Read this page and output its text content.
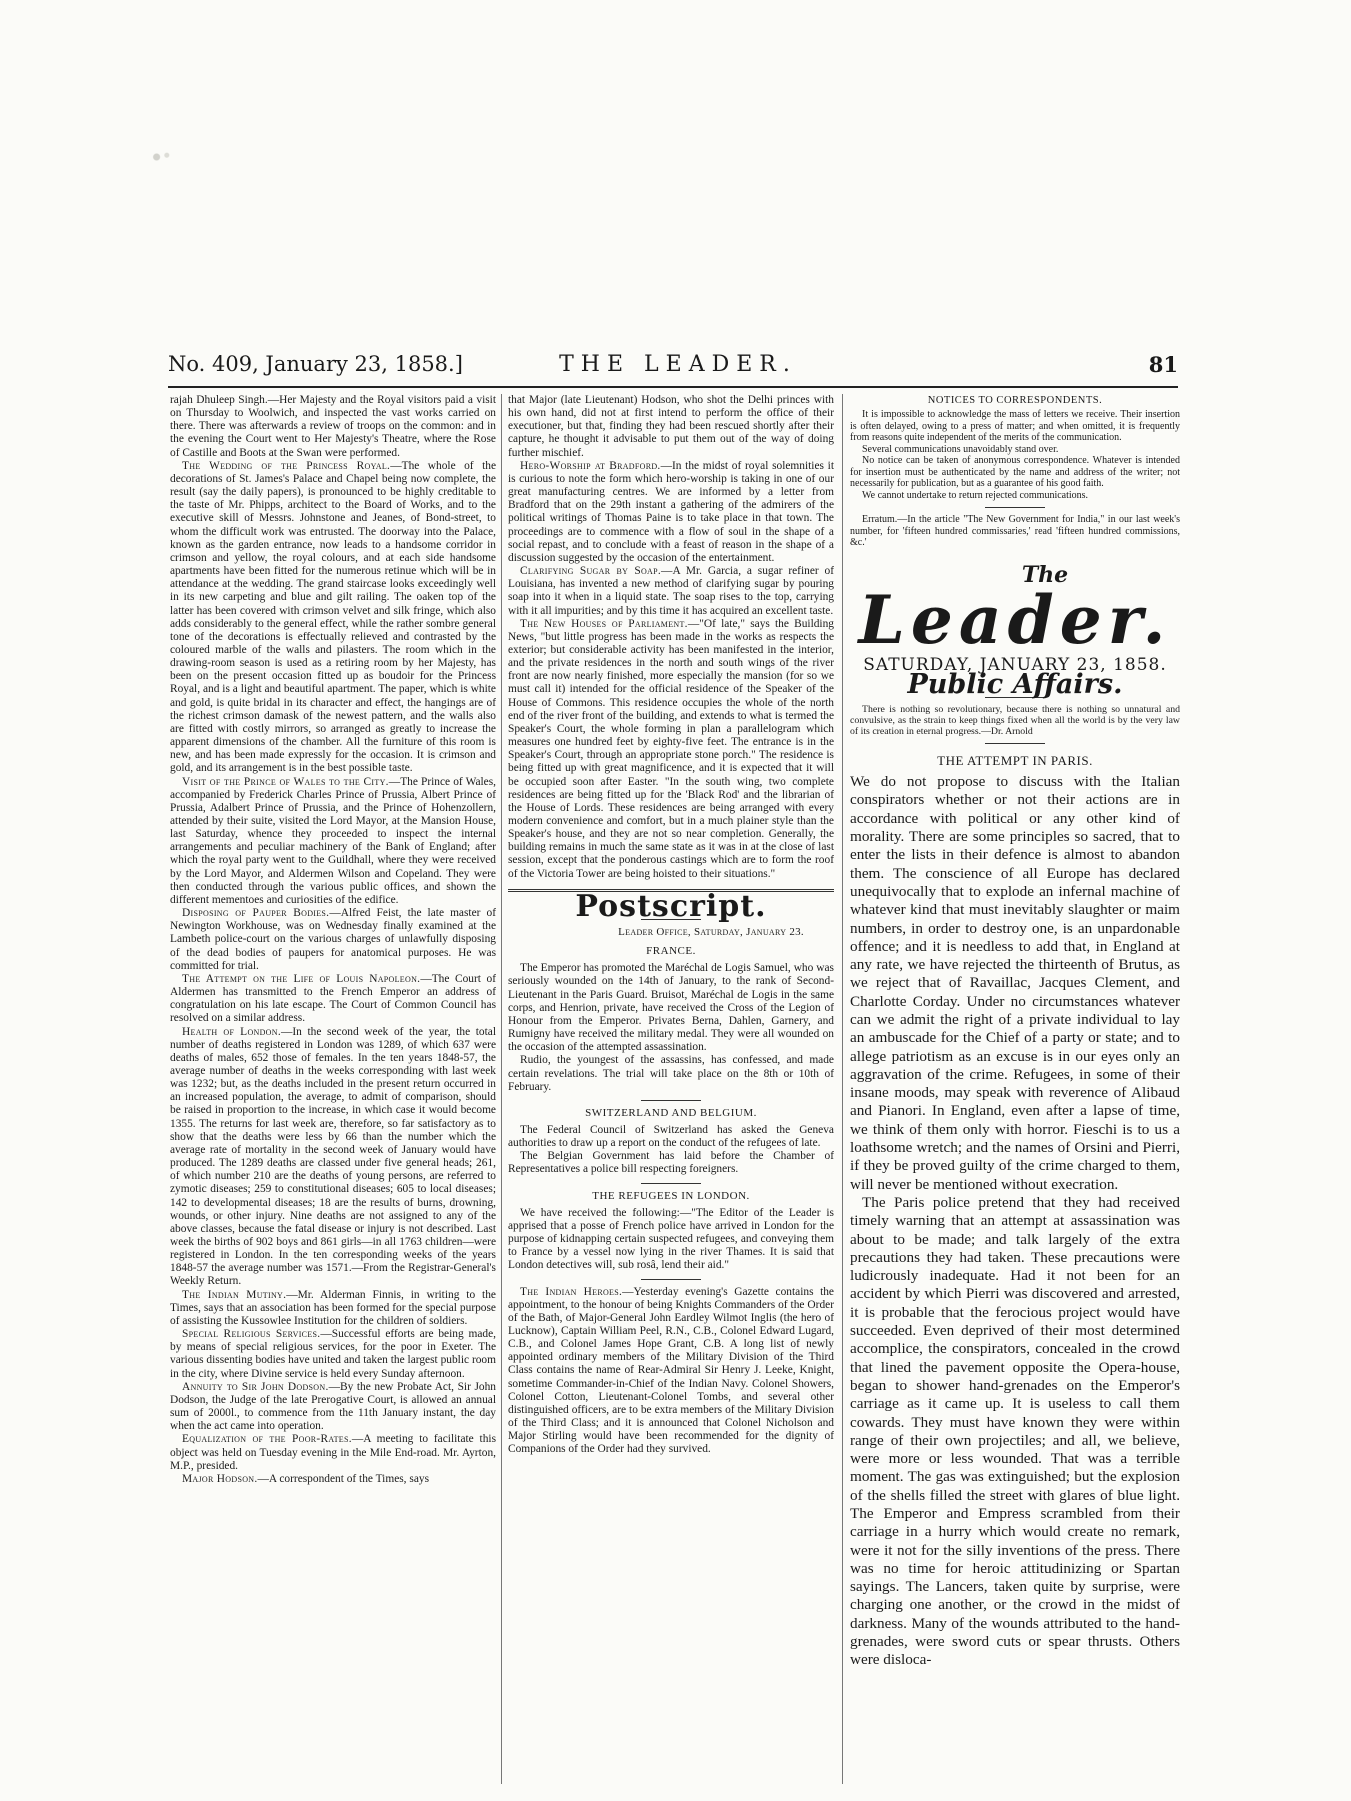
No. 409, January 23, 1858.]	THE LEADER.	81

rajah Dhuleep Singh.—Her Majesty and the Royal visitors paid a visit on Thursday to Woolwich, and inspected the vast works carried on there. There was afterwards a review of troops on the common: and in the evening the Court went to Her Majesty's Theatre, where the Rose of Castille and Boots at the Swan were performed.

The Wedding of the Princess Royal.—The whole of the decorations of St. James's Palace and Chapel being now complete, the result (say the daily papers), is pronounced to be highly creditable to the taste of Mr. Phipps, architect to the Board of Works, and to the executive skill of Messrs. Johnstone and Jeanes, of Bond-street, to whom the difficult work was entrusted. The doorway into the Palace, known as the garden entrance, now leads to a handsome corridor in crimson and yellow, the royal colours, and at each side handsome apartments have been fitted for the numerous retinue which will be in attendance at the wedding. The grand staircase looks exceedingly well in its new carpeting and blue and gilt railing. The oaken top of the latter has been covered with crimson velvet and silk fringe, which also adds considerably to the general effect, while the rather sombre general tone of the decorations is effectually relieved and contrasted by the coloured marble of the walls and pilasters. The room which in the drawing-room season is used as a retiring room by her Majesty, has been on the present occasion fitted up as boudoir for the Princess Royal, and is a light and beautiful apartment. The paper, which is white and gold, is quite bridal in its character and effect, the hangings are of the richest crimson damask of the newest pattern, and the walls also are fitted with costly mirrors, so arranged as greatly to increase the apparent dimensions of the chamber. All the furniture of this room is new, and has been made expressly for the occasion. It is crimson and gold, and its arrangement is in the best possible taste.

Visit of the Prince of Wales to the City.—The Prince of Wales, accompanied by Frederick Charles Prince of Prussia, Albert Prince of Prussia, Adalbert Prince of Prussia, and the Prince of Hohenzollern, attended by their suite, visited the Lord Mayor, at the Mansion House, last Saturday, whence they proceeded to inspect the internal arrangements and peculiar machinery of the Bank of England; after which the royal party went to the Guildhall, where they were received by the Lord Mayor, and Aldermen Wilson and Copeland. They were then conducted through the various public offices, and shown the different mementoes and curiosities of the edifice.

Disposing of Pauper Bodies.—Alfred Feist, the late master of Newington Workhouse, was on Wednesday finally examined at the Lambeth police-court on the various charges of unlawfully disposing of the dead bodies of paupers for anatomical purposes. He was committed for trial.

The Attempt on the Life of Louis Napoleon.—The Court of Aldermen has transmitted to the French Emperor an address of congratulation on his late escape. The Court of Common Council has resolved on a similar address.

Health of London.—In the second week of the year, the total number of deaths registered in London was 1289, of which 637 were deaths of males, 652 those of females. In the ten years 1848-57, the average number of deaths in the weeks corresponding with last week was 1232; but, as the deaths included in the present return occurred in an increased population, the average, to admit of comparison, should be raised in proportion to the increase, in which case it would become 1355. The returns for last week are, therefore, so far satisfactory as to show that the deaths were less by 66 than the number which the average rate of mortality in the second week of January would have produced. The 1289 deaths are classed under five general heads; 261, of which number 210 are the deaths of young persons, are referred to zymotic diseases; 259 to constitutional diseases; 605 to local diseases; 142 to developmental diseases; 18 are the results of burns, drowning, wounds, or other injury. Nine deaths are not assigned to any of the above classes, because the fatal disease or injury is not described. Last week the births of 902 boys and 861 girls—in all 1763 children—were registered in London. In the ten corresponding weeks of the years 1848-57 the average number was 1571.—From the Registrar-General's Weekly Return.

The Indian Mutiny.—Mr. Alderman Finnis, in writing to the Times, says that an association has been formed for the special purpose of assisting the Kussowlee Institution for the children of soldiers.

Special Religious Services.—Successful efforts are being made, by means of special religious services, for the poor in Exeter. The various dissenting bodies have united and taken the largest public room in the city, where Divine service is held every Sunday afternoon.

Annuity to Sir John Dodson.—By the new Probate Act, Sir John Dodson, the Judge of the late Prerogative Court, is allowed an annual sum of 2000l., to commence from the 11th January instant, the day when the act came into operation.

Equalization of the Poor-Rates.—A meeting to facilitate this object was held on Tuesday evening in the Mile End-road. Mr. Ayrton, M.P., presided.

Major Hodson.—A correspondent of the Times, says

that Major (late Lieutenant) Hodson, who shot the Delhi princes with his own hand, did not at first intend to perform the office of their executioner, but that, finding they had been rescued shortly after their capture, he thought it advisable to put them out of the way of doing further mischief.

Hero-Worship at Bradford.—In the midst of royal solemnities it is curious to note the form which hero-worship is taking in one of our great manufacturing centres. We are informed by a letter from Bradford that on the 29th instant a gathering of the admirers of the political writings of Thomas Paine is to take place in that town. The proceedings are to commence with a flow of soul in the shape of a social repast, and to conclude with a feast of reason in the shape of a discussion suggested by the occasion of the entertainment.

Clarifying Sugar by Soap.—A Mr. Garcia, a sugar refiner of Louisiana, has invented a new method of clarifying sugar by pouring soap into it when in a liquid state. The soap rises to the top, carrying with it all impurities; and by this time it has acquired an excellent taste.

The New Houses of Parliament.—"Of late," says the Building News, "but little progress has been made in the works as respects the exterior; but considerable activity has been manifested in the interior, and the private residences in the north and south wings of the river front are now nearly finished, more especially the mansion (for so we must call it) intended for the official residence of the Speaker of the House of Commons. This residence occupies the whole of the north end of the river front of the building, and extends to what is termed the Speaker's Court, the whole forming in plan a parallelogram which measures one hundred feet by eighty-five feet. The entrance is in the Speaker's Court, through an appropriate stone porch." The residence is being fitted up with great magnificence, and it is expected that it will be occupied soon after Easter. "In the south wing, two complete residences are being fitted up for the 'Black Rod' and the librarian of the House of Lords. These residences are being arranged with every modern convenience and comfort, but in a much plainer style than the Speaker's house, and they are not so near completion. Generally, the building remains in much the same state as it was in at the close of last session, except that the ponderous castings which are to form the roof of the Victoria Tower are being hoisted to their situations."

Postscript.

Leader Office, Saturday, January 23.

FRANCE.

The Emperor has promoted the Maréchal de Logis Samuel, who was seriously wounded on the 14th of January, to the rank of Second-Lieutenant in the Paris Guard. Bruisot, Maréchal de Logis in the same corps, and Henrion, private, have received the Cross of the Legion of Honour from the Emperor. Privates Berna, Dahlen, Garnery, and Rumigny have received the military medal. They were all wounded on the occasion of the attempted assassination.

Rudio, the youngest of the assassins, has confessed, and made certain revelations. The trial will take place on the 8th or 10th of February.

SWITZERLAND AND BELGIUM.

The Federal Council of Switzerland has asked the Geneva authorities to draw up a report on the conduct of the refugees of late.

The Belgian Government has laid before the Chamber of Representatives a police bill respecting foreigners.

THE REFUGEES IN LONDON.

We have received the following:—"The Editor of the Leader is apprised that a posse of French police have arrived in London for the purpose of kidnapping certain suspected refugees, and conveying them to France by a vessel now lying in the river Thames. It is said that London detectives will, sub rosâ, lend their aid."

The Indian Heroes.—Yesterday evening's Gazette contains the appointment, to the honour of being Knights Commanders of the Order of the Bath, of Major-General John Eardley Wilmot Inglis (the hero of Lucknow), Captain William Peel, R.N., C.B., Colonel Edward Lugard, C.B., and Colonel James Hope Grant, C.B. A long list of newly appointed ordinary members of the Military Division of the Third Class contains the name of Rear-Admiral Sir Henry J. Leeke, Knight, sometime Commander-in-Chief of the Indian Navy. Colonel Showers, Colonel Cotton, Lieutenant-Colonel Tombs, and several other distinguished officers, are to be extra members of the Military Division of the Third Class; and it is announced that Colonel Nicholson and Major Stirling would have been recommended for the dignity of Companions of the Order had they survived.

NOTICES TO CORRESPONDENTS.

It is impossible to acknowledge the mass of letters we receive. Their insertion is often delayed, owing to a press of matter; and when omitted, it is frequently from reasons quite independent of the merits of the communication.

Several communications unavoidably stand over.

No notice can be taken of anonymous correspondence. Whatever is intended for insertion must be authenticated by the name and address of the writer; not necessarily for publication, but as a guarantee of his good faith.

We cannot undertake to return rejected communications.

Erratum.—In the article "The New Government for India," in our last week's number, for 'fifteen hundred commissaries,' read 'fifteen hundred commissions, &c.'

The
Leader.
SATURDAY, JANUARY 23, 1858.
Public Affairs.

There is nothing so revolutionary, because there is nothing so unnatural and convulsive, as the strain to keep things fixed when all the world is by the very law of its creation in eternal progress.—Dr. Arnold

THE ATTEMPT IN PARIS.

We do not propose to discuss with the Italian conspirators whether or not their actions are in accordance with political or any other kind of morality. There are some principles so sacred, that to enter the lists in their defence is almost to abandon them. The conscience of all Europe has declared unequivocally that to explode an infernal machine of whatever kind that must inevitably slaughter or maim numbers, in order to destroy one, is an unpardonable offence; and it is needless to add that, in England at any rate, we have rejected the thirteenth of Brutus, as we reject that of Ravaillac, Jacques Clement, and Charlotte Corday. Under no circumstances whatever can we admit the right of a private individual to lay an ambuscade for the Chief of a party or state; and to allege patriotism as an excuse is in our eyes only an aggravation of the crime. Refugees, in some of their insane moods, may speak with reverence of Alibaud and Pianori. In England, even after a lapse of time, we think of them only with horror. Fieschi is to us a loathsome wretch; and the names of Orsini and Pierri, if they be proved guilty of the crime charged to them, will never be mentioned without execration.

The Paris police pretend that they had received timely warning that an attempt at assassination was about to be made; and talk largely of the extra precautions they had taken. These precautions were ludicrously inadequate. Had it not been for an accident by which Pierri was discovered and arrested, it is probable that the ferocious project would have succeeded. Even deprived of their most determined accomplice, the conspirators, concealed in the crowd that lined the pavement opposite the Opera-house, began to shower hand-grenades on the Emperor's carriage as it came up. It is useless to call them cowards. They must have known they were within range of their own projectiles; and all, we believe, were more or less wounded. That was a terrible moment. The gas was extinguished; but the explosion of the shells filled the street with glares of blue light. The Emperor and Empress scrambled from their carriage in a hurry which would create no remark, were it not for the silly inventions of the press. There was no time for heroic attitudinizing or Spartan sayings. The Lancers, taken quite by surprise, were charging one another, or the crowd in the midst of darkness. Many of the wounds attributed to the hand-grenades, were sword cuts or spear thrusts. Others were disloca-
